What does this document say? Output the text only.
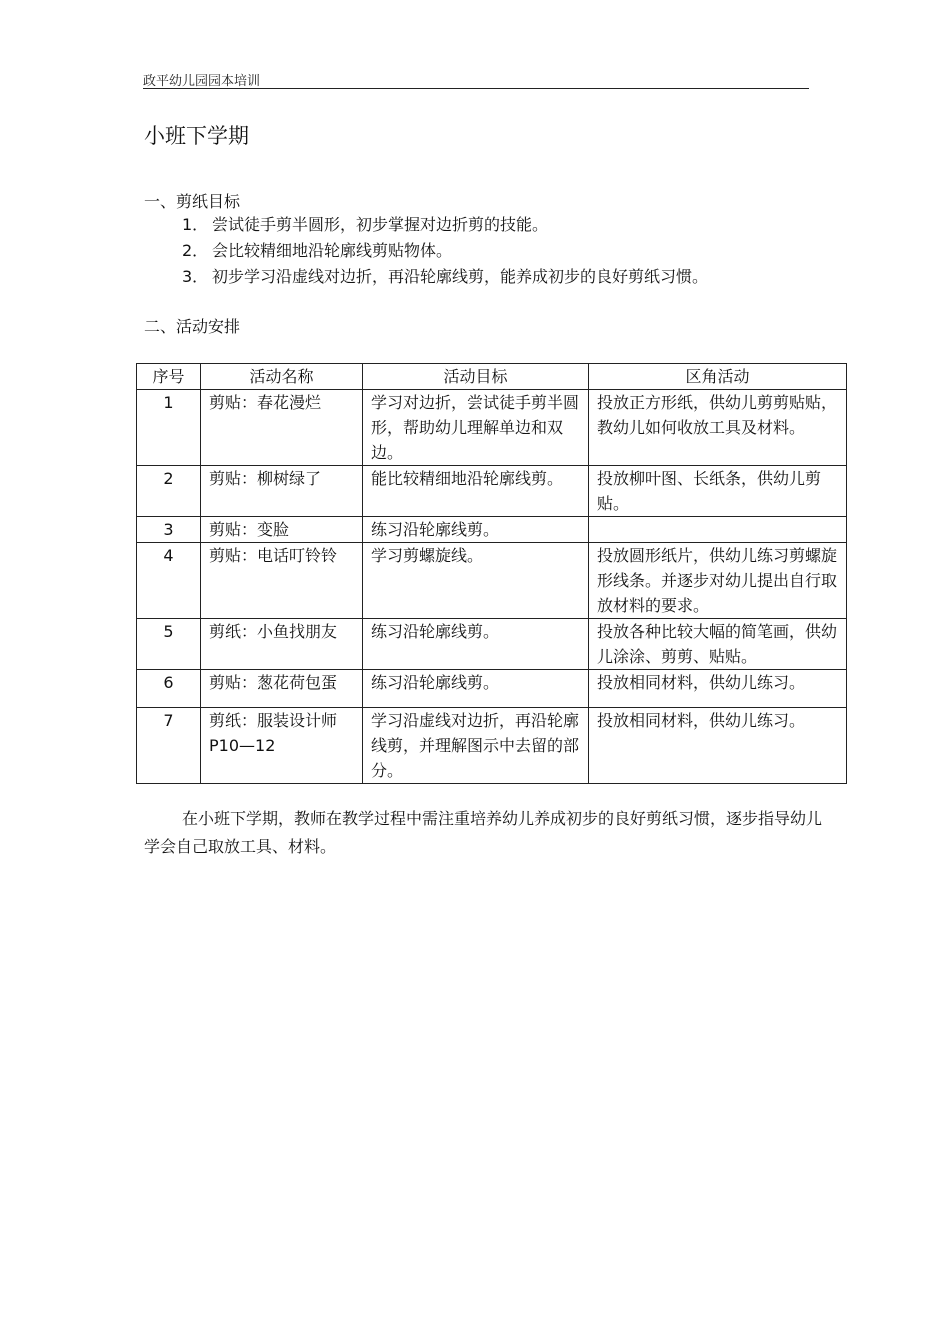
政平幼儿园园本培训
小班下学期
一、剪纸目标
1． 尝试徒手剪半圆形，初步掌握对边折剪的技能。
2． 会比较精细地沿轮廓线剪贴物体。
3． 初步学习沿虚线对边折，再沿轮廓线剪，能养成初步的良好剪纸习惯。
二、活动安排
序号	活动名称	活动目标	区角活动
1	剪贴：春花漫烂	学习对边折，尝试徒手剪半圆形，帮助幼儿理解单边和双边。	投放正方形纸，供幼儿剪剪贴贴，教幼儿如何收放工具及材料。
2	剪贴：柳树绿了	能比较精细地沿轮廓线剪。	投放柳叶图、长纸条，供幼儿剪贴。
3	剪贴：变脸	练习沿轮廓线剪。	
4	剪贴：电话叮铃铃	学习剪螺旋线。	投放圆形纸片，供幼儿练习剪螺旋形线条。并逐步对幼儿提出自行取放材料的要求。
5	剪纸：小鱼找朋友	练习沿轮廓线剪。	投放各种比较大幅的简笔画，供幼儿涂涂、剪剪、贴贴。
6	剪贴：葱花荷包蛋	练习沿轮廓线剪。	投放相同材料，供幼儿练习。
7	剪纸：服装设计师P10—12	学习沿虚线对边折，再沿轮廓线剪，并理解图示中去留的部分。	投放相同材料，供幼儿练习。

在小班下学期，教师在教学过程中需注重培养幼儿养成初步的良好剪纸习惯，逐步指导幼儿学会自己取放工具、材料。
